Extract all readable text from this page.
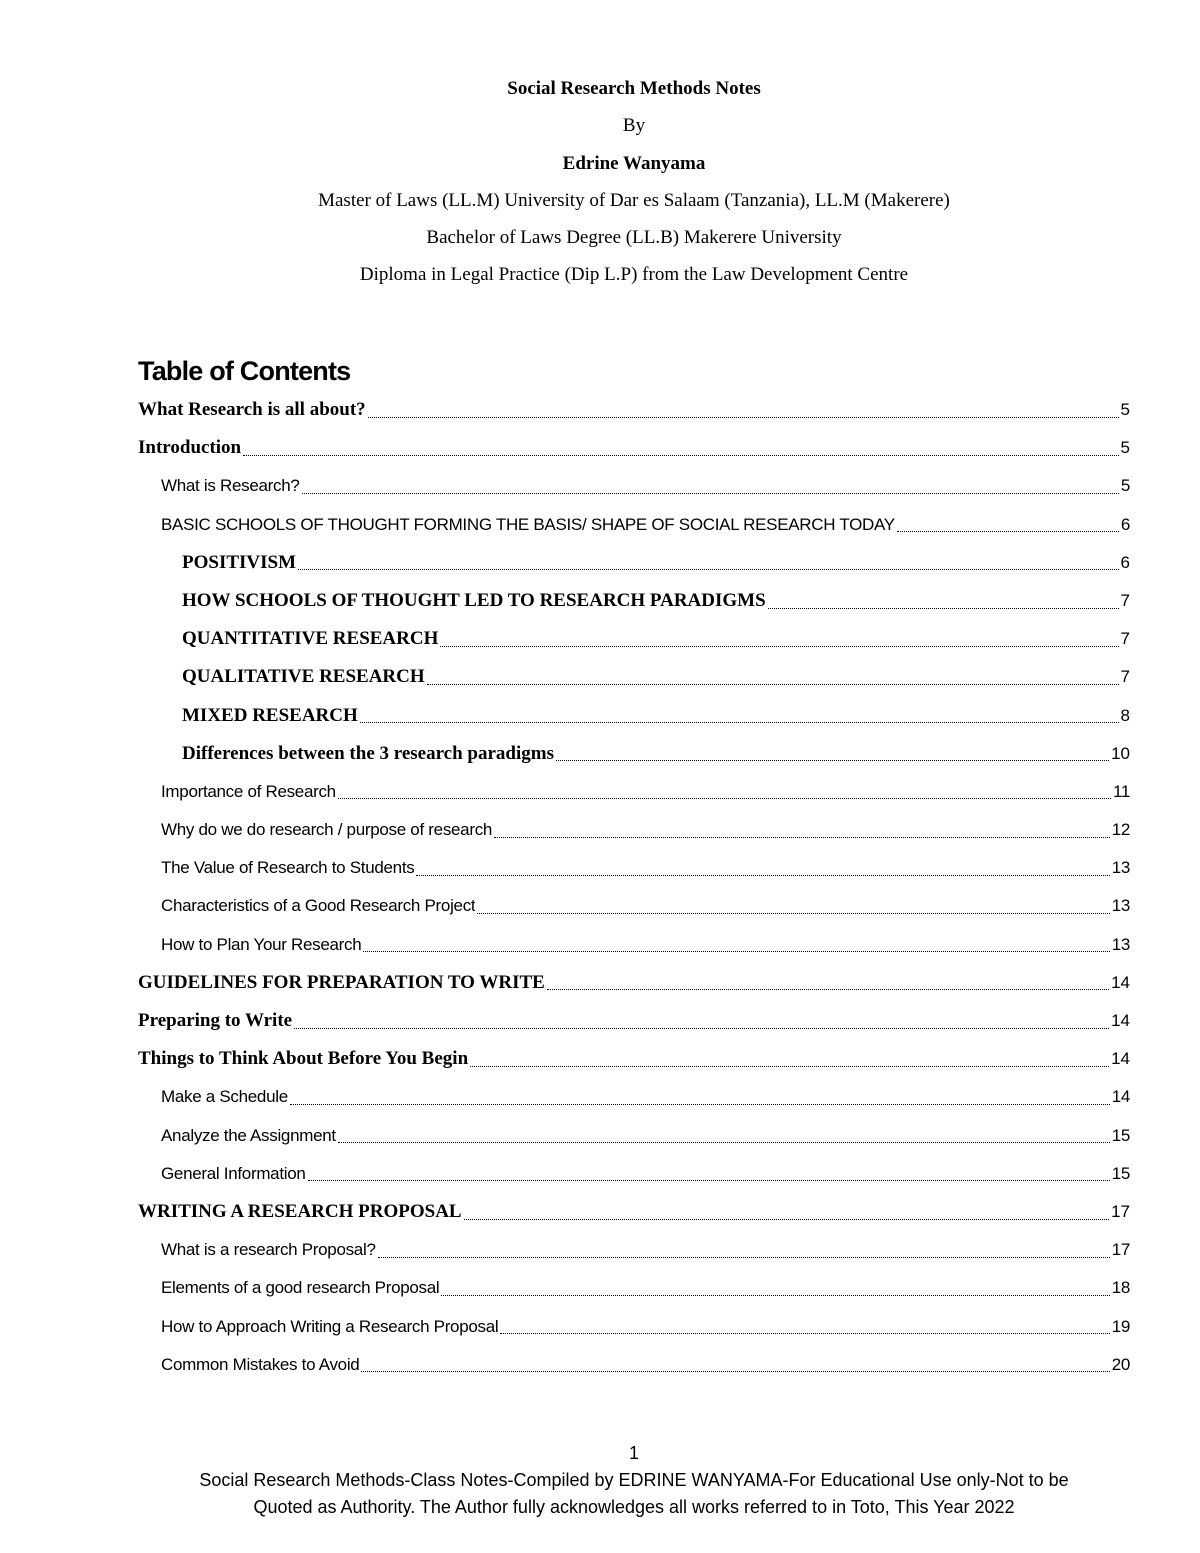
Social Research Methods Notes
By
Edrine Wanyama
Master of Laws (LL.M) University of Dar es Salaam (Tanzania), LL.M (Makerere)
Bachelor of Laws Degree (LL.B) Makerere University
Diploma in Legal Practice (Dip L.P) from the Law Development Centre
Table of Contents
What Research is all about?	5
Introduction	5
What is Research?	5
BASIC SCHOOLS OF THOUGHT FORMING THE BASIS/ SHAPE OF SOCIAL RESEARCH TODAY	6
POSITIVISM	6
HOW SCHOOLS OF THOUGHT LED TO RESEARCH PARADIGMS	7
QUANTITATIVE RESEARCH	7
QUALITATIVE RESEARCH	7
MIXED RESEARCH	8
Differences between the 3 research paradigms	10
Importance of Research	11
Why do we do research / purpose of research	12
The Value of Research to Students	13
Characteristics of a Good Research Project	13
How to Plan Your Research	13
GUIDELINES FOR PREPARATION TO WRITE	14
Preparing to Write	14
Things to Think About Before You Begin	14
Make a Schedule	14
Analyze the Assignment	15
General Information	15
WRITING A RESEARCH PROPOSAL	17
What is a research Proposal?	17
Elements of a good research Proposal	18
How to Approach Writing a Research Proposal	19
Common Mistakes to Avoid	20
1
Social Research Methods-Class Notes-Compiled by EDRINE WANYAMA-For Educational Use only-Not to be
Quoted as Authority. The Author fully acknowledges all works referred to in Toto, This Year 2022
